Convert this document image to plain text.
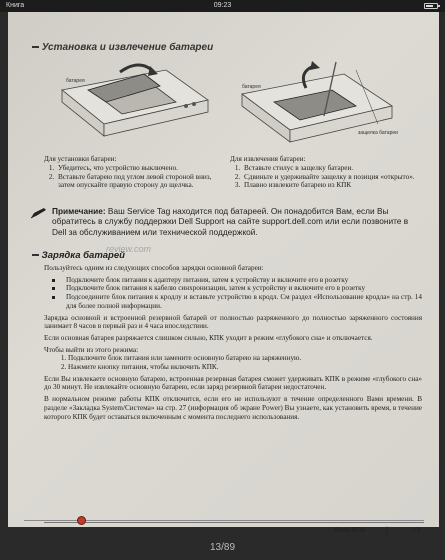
Книга	09:23
Установка и извлечение батареи
батарея
батарея
защелка батареи
Для установки батареи:
1. Убедитесь, что устройство выключено.
2. Вставьте батарею под углом левой стороной вниз, затем опускайте правую сторону до щелчка.
Для извлечения батареи:
1. Вставьте стилус в защелку батареи.
2. Сдвиньте и удерживайте защелку в позиция «открыто».
3. Плавно извлеките батарею из КПК
Примечание: Ваш Service Tag находится под батареей. Он понадобится Вам, если Вы обратитесь в службу поддержки Dell Support на сайте support.dell.com или если позвоните в Dell за обслуживанием или технической поддержкой.
Зарядка батарей
review.com

Пользуйтесь одним из следующих способов зарядки основной батареи:

Подключите блок питания к адаптеру питания, затем к устройству и включите его в розетку
Подключите блок питания к кабелю синхронизации, затем к устройству и включите его в розетку
Подсоедините блок питания к кродлу и вставьте устройство в кродл. См раздел «Использование кродла» на стр. 14 для более полной информации.

Зарядка основной и встроенной резервной батарей от полностью разряженного до полностью заряженного состояния занимает 8 часов в первый раз и 4 часа впоследствии.

Если основная батарея разряжается слишком сильно, КПК уходит в режим «глубокого сна» и отключается.

Чтобы выйти из этого режима:

1. Подключите блок питания или замените основную батарею на заряженную.
2. Нажмите кнопку питания, чтобы включить КПК.

Если Вы извлекаете основную батарею, встроенная резервная батарея сможет удерживать КПК в режиме «глубокого сна» до 30 минут. Не извлекайте основную батарею, если заряд резервной батареи недостаточен.

В нормальном режиме работы КПК отключится, если его не используют в течение определенного Вами времени. В разделе «Закладка System/Система» на стр. 27 (информация об экране Power) Вы узнаете, как установить время, в течение которого КПК будет оставаться включенным с момента последнего использования.

Ваш КПК	|	13
13/89
